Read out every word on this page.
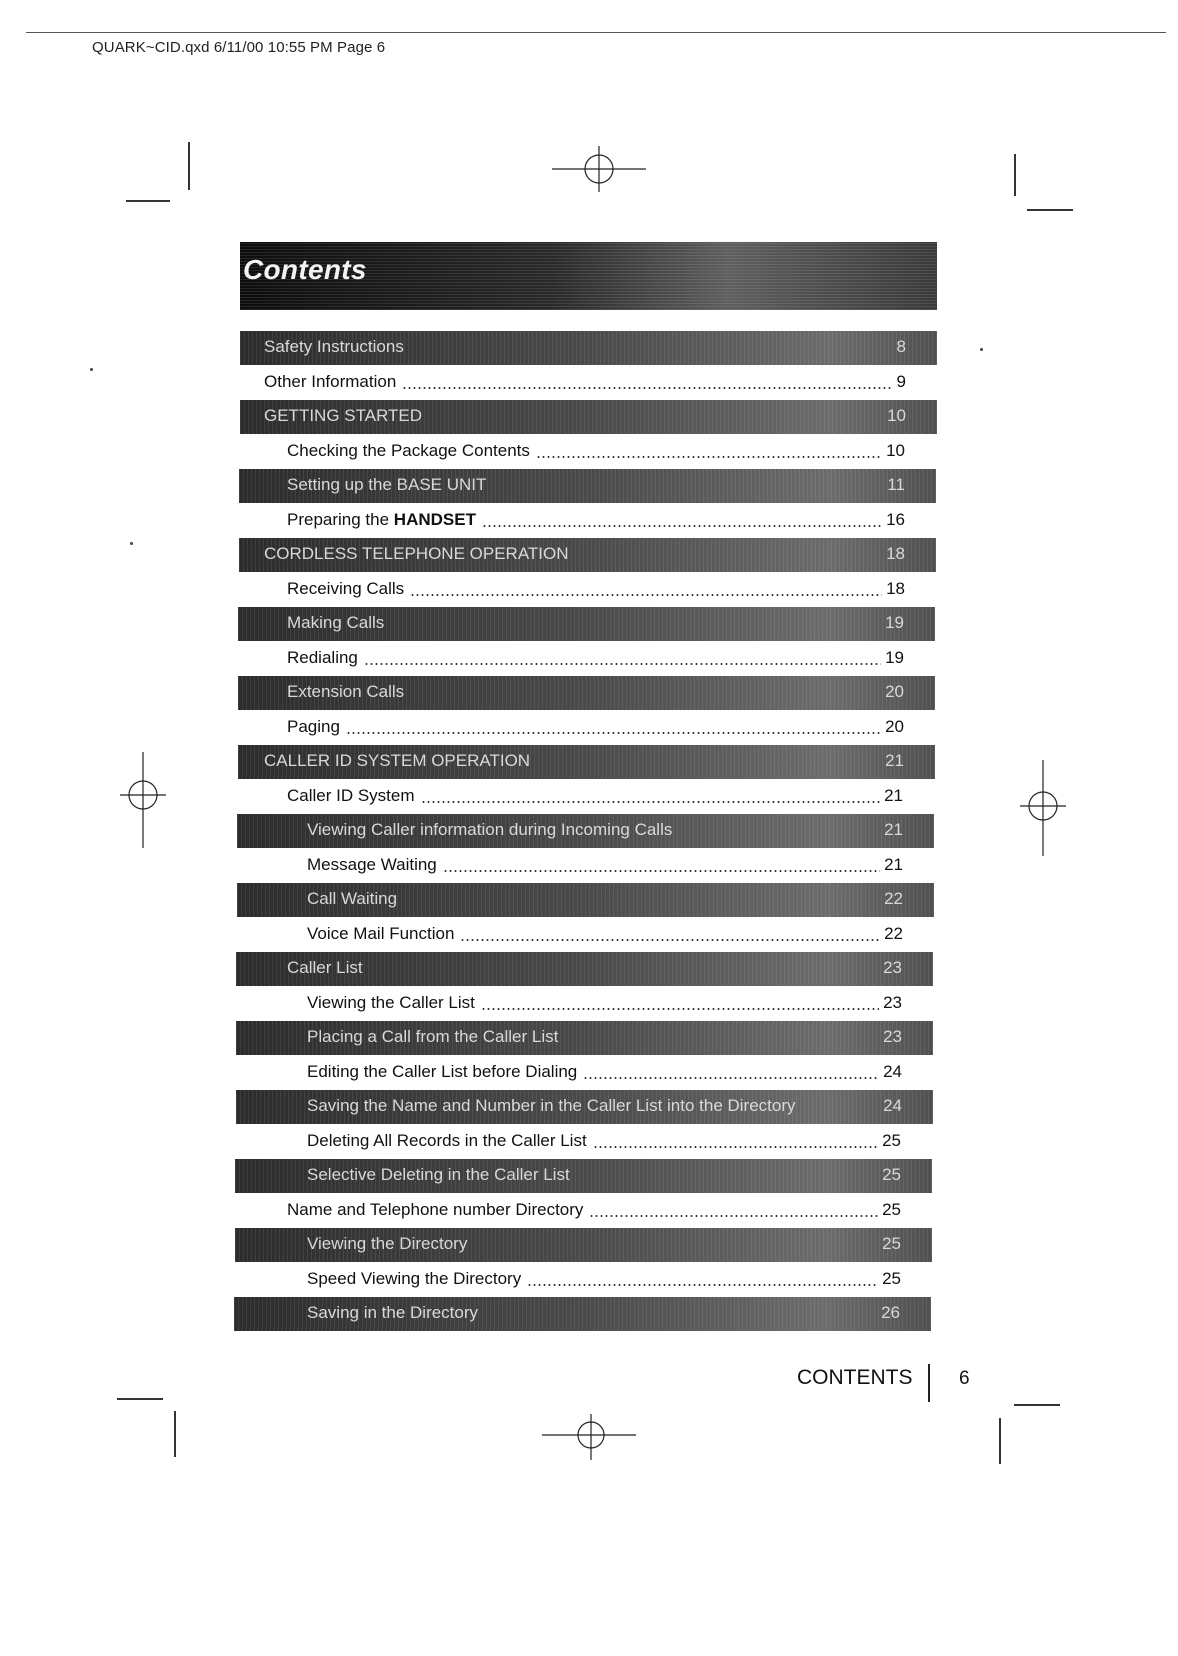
QUARK~CID.qxd 6/11/00 10:55 PM Page 6
Contents
Safety Instructions	8
Other Information	9
GETTING STARTED	10
Checking the Package Contents	10
Setting up the BASE UNIT	11
Preparing the HANDSET	16
CORDLESS TELEPHONE OPERATION	18
Receiving Calls	18
Making Calls	19
Redialing	19
Extension Calls	20
Paging	20
CALLER ID SYSTEM OPERATION	21
Caller ID System	21
Viewing Caller information during Incoming Calls	21
Message Waiting	21
Call Waiting	22
Voice Mail Function	22
Caller List	23
Viewing the Caller List	23
Placing a Call from the Caller List	23
Editing the Caller List before Dialing	24
Saving the Name and Number in the Caller List into the Directory	24
Deleting All Records in the Caller List	25
Selective Deleting in the Caller List	25
Name and Telephone number Directory	25
Viewing the Directory	25
Speed Viewing the Directory	25
Saving in the Directory	26
CONTENTS 6
